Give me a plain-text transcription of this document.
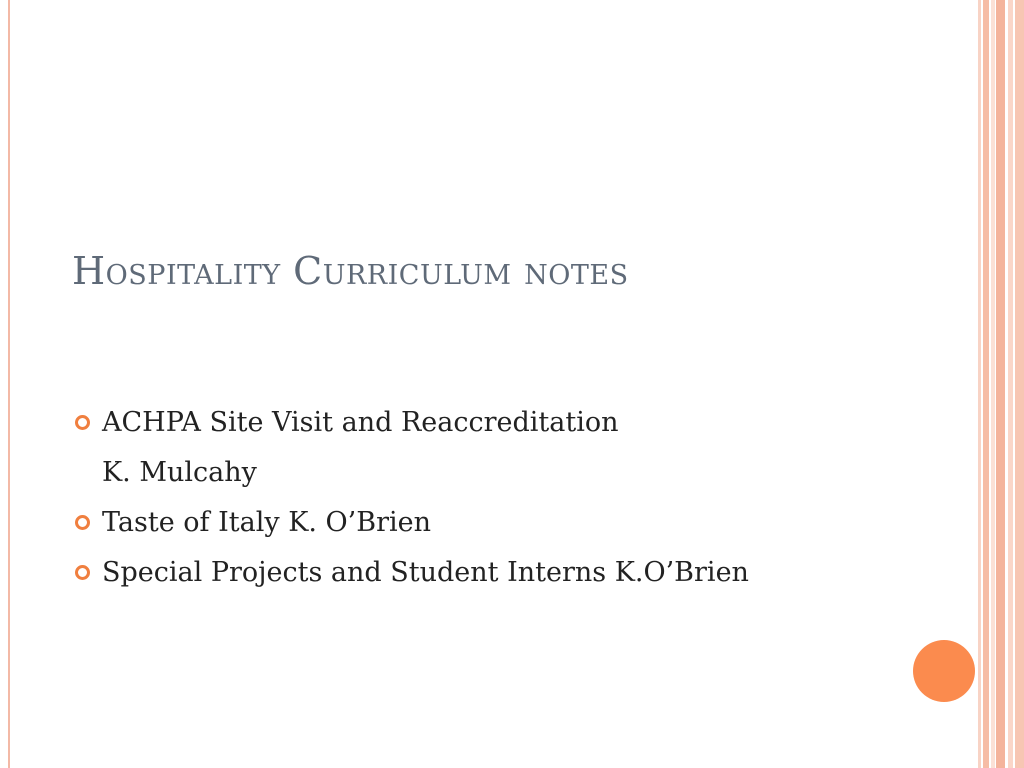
Hospitality Curriculum notes
ACHPA Site Visit and Reaccreditation
K. Mulcahy
Taste of Italy K. O’Brien
Special Projects and Student Interns K.O’Brien
